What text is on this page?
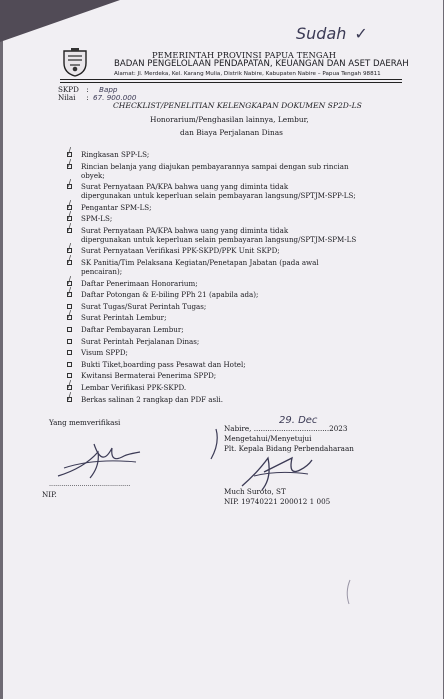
Sudah ✓

PEMERINTAH PROVINSI PAPUA TENGAH

BADAN PENGELOLAAN PENDAPATAN, KEUANGAN DAN ASET DAERAH

Alamat: Jl. Merdeka, Kel. Karang Mulia, Distrik Nabire, Kabupaten Nabire – Papua Tengah 98811

SKPD : Bapp
Nilai : 67. 900.000

CHECKLIST/PENELITIAN KELENGKAPAN DOKUMEN SP2D-LS

Honorarium/Penghasilan lainnya, Lembur,

dan Biaya Perjalanan Dinas

/ Ringkasan SPP-LS;
/ Rincian belanja yang diajukan pembayarannya sampai dengan sub rincian
obyek;
/ Surat Pernyataan PA/KPA bahwa uang yang diminta tidak
dipergunakan untuk keperluan selain pembayaran langsung/SPTJM-SPP-LS;
/ Pengantar SPM-LS;
/ SPM-LS;
/ Surat Pernyataan PA/KPA bahwa uang yang diminta tidak
dipergunakan untuk keperluan selain pembayaran langsung/SPTJM-SPM-LS
/ Surat Pernyataan Verifikasi PPK-SKPD/PPK Unit SKPD;
/ SK Panitia/Tim Pelaksana Kegiatan/Penetapan Jabatan (pada awal
pencairan);
/ Daftar Penerimaan Honorarium;
/ Daftar Potongan & E-biling PPh 21 (apabila ada);
Surat Tugas/Surat Perintah Tugas;
/ Surat Perintah Lembur;
Daftar Pembayaran Lembur;
Surat Perintah Perjalanan Dinas;
Visum SPPD;
Bukti Tiket,boarding pass Pesawat dan Hotel;
Kwitansi Bermaterai Penerima SPPD;
/ Lembar Verifikasi PPK-SKPD.
/ Berkas salinan 2 rangkap dan PDF asli.

Yang memverifikasi

........................................

NIP.

Nabire, .................................2023
29. Dec

Mengetahui/Menyetujui

Plt. Kepala Bidang Perbendaharaan

Much Suroto, ST

NIP. 19740221 200012 1 005
